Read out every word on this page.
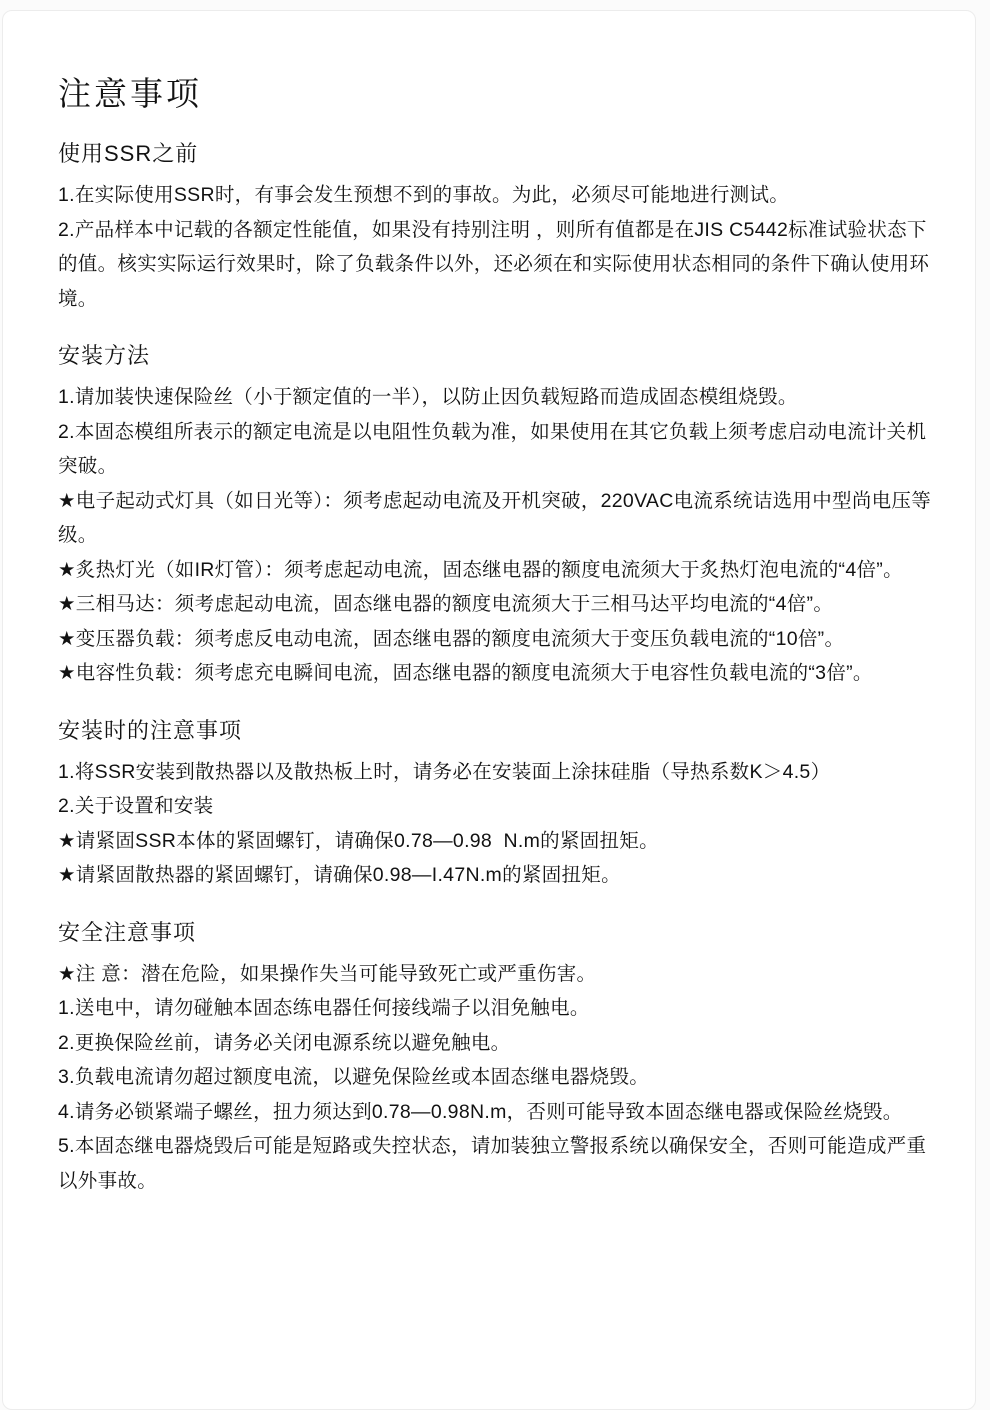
注意事项
使用SSR之前

1.在实际使用SSR时，有事会发生预想不到的事故。为此，必须尽可能地进行测试。

2.产品样本中记载的各额定性能值，如果没有持别注明 ，则所有值都是在JIS C5442标准试验状态下的值。核实实际运行效果时，除了负载条件以外，还必须在和实际使用状态相同的条件下确认使用环境。

安装方法

1.请加装快速保险丝（小于额定值的一半），以防止因负载短路而造成固态模组烧毁。

2.本固态模组所表示的额定电流是以电阻性负载为准，如果使用在其它负载上须考虑启动电流计关机突破。

★电子起动式灯具（如日光等）：须考虑起动电流及开机突破，220VAC电流系统诘选用中型尚电压等级。

★炙热灯光（如IR灯管）：须考虑起动电流，固态继电器的额度电流须大于炙热灯泡电流的“4倍”。

★三相马达：须考虑起动电流，固态继电器的额度电流须大于三相马达平均电流的“4倍”。

★变压器负载：须考虑反电动电流，固态继电器的额度电流须大于变压负载电流的“10倍”。

★电容性负载：须考虑充电瞬间电流，固态继电器的额度电流须大于电容性负载电流的“3倍”。

安装时的注意事项

1.将SSR安装到散热器以及散热板上时，请务必在安装面上涂抹硅脂（导热系数K＞4.5）

2.关于设置和安装

★请紧固SSR本体的紧固螺钉，请确保0.78—0.98  N.m的紧固扭矩。

★请紧固散热器的紧固螺钉，请确保0.98—I.47N.m的紧固扭矩。

安全注意事项

★注 意：潜在危险，如果操作失当可能导致死亡或严重伤害。

1.送电中，请勿碰触本固态练电器任何接线端子以泪免触电。

2.更换保险丝前，请务必关闭电源系统以避免触电。

3.负载电流请勿超过额度电流，以避免保险丝或本固态继电器烧毁。

4.请务必锁紧端子螺丝，扭力须达到0.78—0.98N.m，否则可能导致本固态继电器或保险丝烧毁。

5.本固态继电器烧毁后可能是短路或失控状态，请加装独立警报系统以确保安全，否则可能造成严重以外事故。
